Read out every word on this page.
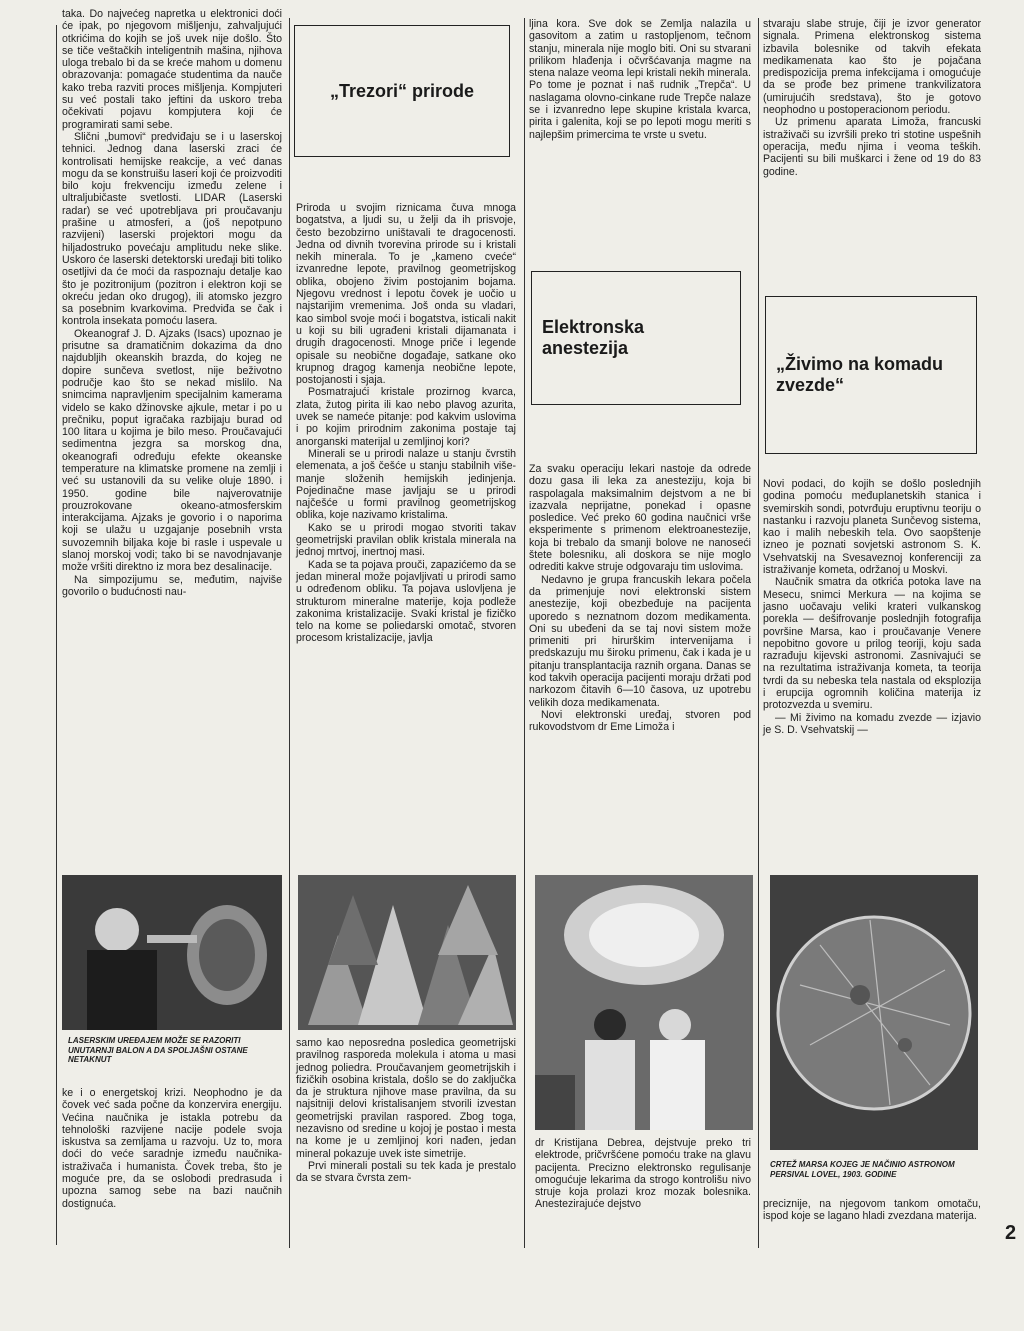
taka. Do najvećeg napretka u elektronici doći će ipak, po njegovom mišljenju, zahvaljujući otkrićima do kojih se još uvek nije došlo. Što se tiče veštačkih inteligentnih mašina, njihova uloga trebalo bi da se kreće mahom u domenu obrazovanja: pomagaće studentima da nauče kako treba razviti proces mišljenja. Kompjuteri su već postali tako jeftini da uskoro treba očekivati pojavu kompjutera koji će programirati sami sebe.

Slični „bumovi“ predviđaju se i u laserskoj tehnici. Jednog dana laserski zraci će kontrolisati hemijske reakcije, a već danas mogu da se konstruišu laseri koji će proizvoditi bilo koju frekvenciju između zelene i ultraljubičaste svetlosti. LIDAR (Laserski radar) se već upotrebljava pri proučavanju prašine u atmosferi, a (još nepotpuno razvijeni) laserski projektori mogu da hiljadostruko povećaju amplitudu neke slike. Uskoro će laserski detektorski uređaji biti toliko osetljivi da će moći da raspoznaju detalje kao što je pozitronijum (pozitron i elektron koji se okreću jedan oko drugog), ili atomsko jezgro sa posebnim kvarkovima. Predviđa se čak i kontrola insekata pomoću lasera.

Okeanograf J. D. Ajzaks (Isacs) upoznao je prisutne sa dramatičnim dokazima da dno najdubljih okeanskih brazda, do kojeg ne dopire sunčeva svetlost, nije beživotno područje kao što se nekad mislilo. Na snimcima napravljenim specijalnim kamerama videlo se kako džinovske ajkule, metar i po u prečniku, poput igračaka razbijaju burad od 100 litara u kojima je bilo meso. Proučavajući sedimentna jezgra sa morskog dna, okeanografi određuju efekte okeanske temperature na klimatske promene na zemlji i već su ustanovili da su velike oluje 1890. i 1950. godine bile najverovatnije prouzrokovane okeano-atmosferskim interakcijama. Ajzaks je govorio i o naporima koji se ulažu u uzgajanje posebnih vrsta suvozemnih biljaka koje bi rasle i uspevale u slanoj morskoj vodi; tako bi se navodnjavanje može vršiti direktno iz mora bez desalinacije.

Na simpozijumu se, međutim, najviše govorilo o budućnosti nau-

LASERSKIM UREĐAJEM MOŽE SE RAZORITI UNUTARNJI BALON A DA SPOLJAŠNI OSTANE NETAKNUT

ke i o energetskoj krizi. Neophodno je da čovek već sada počne da konzervira energiju. Većina naučnika je istakla potrebu da tehnološki razvijene nacije podele svoja iskustva sa zemljama u razvoju. Uz to, mora doći do veće saradnje između naučnika-istraživača i humanista. Čovek treba, što je moguće pre, da se oslobodi predrasuda i upozna samog sebe na bazi naučnih dostignuća.

„Trezori“ prirode

Priroda u svojim riznicama čuva mnoga bogatstva, a ljudi su, u želji da ih prisvoje, često bezobzirno uništavali te dragocenosti. Jedna od divnih tvorevina prirode su i kristali nekih minerala. To je „kameno cveće“ izvanredne lepote, pravilnog geometrijskog oblika, obojeno živim postojanim bojama. Njegovu vrednost i lepotu čovek je uočio u najstarijim vremenima. Još onda su vladari, kao simbol svoje moći i bogatstva, isticali nakit u koji su bili ugrađeni kristali dijamanata i drugih dragocenosti. Mnoge priče i legende opisale su neobične događaje, satkane oko krupnog dragog kamenja neobične lepote, postojanosti i sjaja.

Posmatrajući kristale prozirnog kvarca, zlata, žutog pirita ili kao nebo plavog azurita, uvek se nameće pitanje: pod kakvim uslovima i po kojim prirodnim zakonima postaje taj anorganski materijal u zemljinoj kori?

Minerali se u prirodi nalaze u stanju čvrstih elemenata, a još češće u stanju stabilnih više-manje složenih hemijskih jedinjenja. Pojedinačne mase javljaju se u prirodi najčešće u formi pravilnog geometrijskog oblika, koje nazivamo kristalima.

Kako se u prirodi mogao stvoriti takav geometrijski pravilan oblik kristala minerala na jednoj mrtvoj, inertnoj masi.

Kada se ta pojava prouči, zapazićemo da se jedan mineral može pojavljivati u prirodi samo u određenom obliku. Ta pojava uslovljena je strukturom mineralne materije, koja podleže zakonima kristalizacije. Svaki kristal je fizičko telo na kome se poliedarski omotač, stvoren procesom kristalizacije, javlja

samo kao neposredna posledica geometrijski pravilnog rasporeda molekula i atoma u masi jednog poliedra. Proučavanjem geometrijskih i fizičkih osobina kristala, došlo se do zaključka da je struktura njihove mase pravilna, da su najsitniji delovi kristalisanjem stvorili izvestan geometrijski pravilan raspored. Zbog toga, nezavisno od sredine u kojoj je postao i mesta na kome je u zemljinoj kori nađen, jedan mineral pokazuje uvek iste simetrije.

Prvi minerali postali su tek kada je prestalo da se stvara čvrsta zem-

ljina kora. Sve dok se Zemlja nalazila u gasovitom a zatim u rastopljenom, tečnom stanju, minerala nije moglo biti. Oni su stvarani prilikom hlađenja i očvršćavanja magme na stena nalaze veoma lepi kristali nekih minerala. Po tome je poznat i naš rudnik „Trepča“. U naslagama olovno-cinkane rude Trepče nalaze se i izvanredno lepe skupine kristala kvarca, pirita i galenita, koji se po lepoti mogu meriti s najlepšim primercima te vrste u svetu.

Elektronska anestezija

Za svaku operaciju lekari nastoje da odrede dozu gasa ili leka za anesteziju, koja bi raspolagala maksimalnim dejstvom a ne bi izazvala neprijatne, ponekad i opasne posledice. Već preko 60 godina naučnici vrše eksperimente s primenom elektroanestezije, koja bi trebalo da smanji bolove ne nanoseći štete bolesniku, ali doskora se nije moglo odrediti kakve struje odgovaraju tim uslovima.

Nedavno je grupa francuskih lekara počela da primenjuje novi elektronski sistem anestezije, koji obezbeđuje na pacijenta uporedo s neznatnom dozom medikamenta. Oni su ubeđeni da se taj novi sistem može primeniti pri hirurškim intervenijama i predskazuju mu široku primenu, čak i kada je u pitanju transplantacija raznih organa. Danas se kod takvih operacija pacijenti moraju držati pod narkozom čitavih 6—10 časova, uz upotrebu velikih doza medikamenata.

Novi elektronski uređaj, stvoren pod rukovodstvom dr Eme Limoža i

dr Kristijana Debrea, dejstvuje preko tri elektrode, pričvršćene pomoću trake na glavu pacijenta. Precizno elektronsko regulisanje omogućuje lekarima da strogo kontrolišu nivo struje koja prolazi kroz mozak bolesnika. Anestezirajuće dejstvo

stvaraju slabe struje, čiji je izvor generator signala. Primena elektronskog sistema izbavila bolesnike od takvih efekata medikamenata kao što je pojačana predispozicija prema infekcijama i omogućuje da se prođe bez primene trankvilizatora (umirujućih sredstava), što je gotovo neophodno u postoperacionom periodu.

Uz primenu aparata Limoža, francuski istraživači su izvršili preko tri stotine uspešnih operacija, među njima i veoma teških. Pacijenti su bili muškarci i žene od 19 do 83 godine.

„Živimo na komadu zvezde“

Novi podaci, do kojih se došlo poslednjih godina pomoću međuplanetskih stanica i svemirskih sondi, potvrđuju eruptivnu teoriju o nastanku i razvoju planeta Sunčevog sistema, kao i malih nebeskih tela. Ovo saopštenje izneo je poznati sovjetski astronom S. K. Vsehvatskij na Svesaveznoj konferenciji za istraživanje kometa, održanoj u Moskvi.

Naučnik smatra da otkrića potoka lave na Mesecu, snimci Merkura — na kojima se jasno uočavaju veliki krateri vulkanskog porekla — dešifrovanje poslednjih fotografija površine Marsa, kao i proučavanje Venere nepobitno govore u prilog teoriji, koju sada razrađuju kijevski astronomi. Zasnivajući se na rezultatima istraživanja kometa, ta teorija tvrdi da su nebeska tela nastala od eksplozija i erupcija ogromnih količina materija iz protozvezda u svemiru.

— Mi živimo na komadu zvezde — izjavio je S. D. Vsehvatskij —

CRTEŽ MARSA KOJEG JE NAČINIO ASTRONOM PERSIVAL LOVEL, 1903. GODINE

preciznije, na njegovom tankom omotaču, ispod koje se lagano hladi zvezdana materija.

2
